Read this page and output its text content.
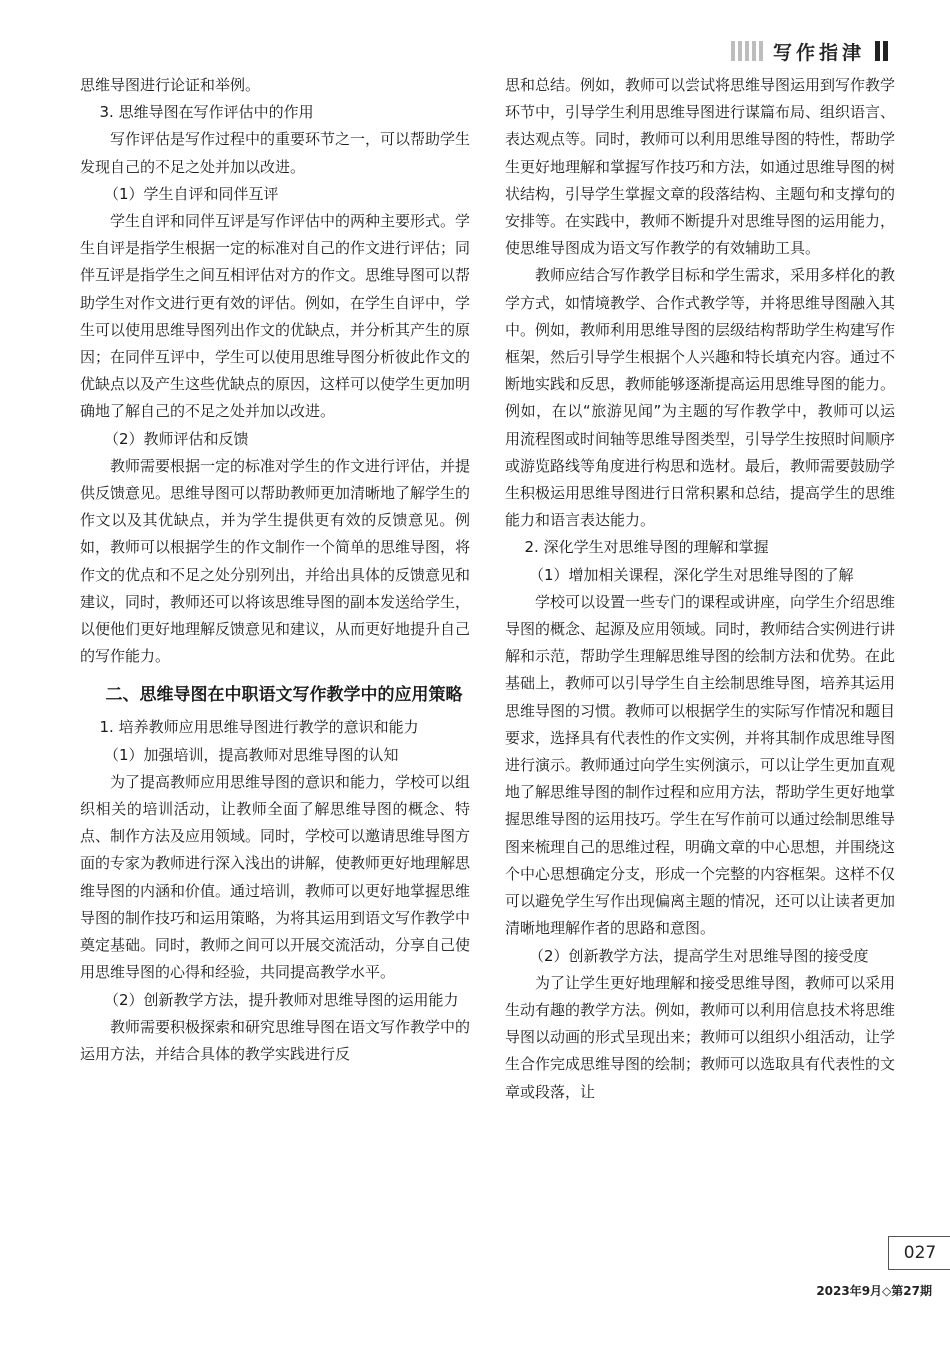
写作指津

思维导图进行论证和举例。

3. 思维导图在写作评估中的作用

写作评估是写作过程中的重要环节之一，可以帮助学生发现自己的不足之处并加以改进。

（1）学生自评和同伴互评

学生自评和同伴互评是写作评估中的两种主要形式。学生自评是指学生根据一定的标准对自己的作文进行评估；同伴互评是指学生之间互相评估对方的作文。思维导图可以帮助学生对作文进行更有效的评估。例如，在学生自评中，学生可以使用思维导图列出作文的优缺点，并分析其产生的原因；在同伴互评中，学生可以使用思维导图分析彼此作文的优缺点以及产生这些优缺点的原因，这样可以使学生更加明确地了解自己的不足之处并加以改进。

（2）教师评估和反馈

教师需要根据一定的标准对学生的作文进行评估，并提供反馈意见。思维导图可以帮助教师更加清晰地了解学生的作文以及其优缺点，并为学生提供更有效的反馈意见。例如，教师可以根据学生的作文制作一个简单的思维导图，将作文的优点和不足之处分别列出，并给出具体的反馈意见和建议，同时，教师还可以将该思维导图的副本发送给学生，以便他们更好地理解反馈意见和建议，从而更好地提升自己的写作能力。

二、思维导图在中职语文写作教学中的应用策略

1. 培养教师应用思维导图进行教学的意识和能力

（1）加强培训，提高教师对思维导图的认知

为了提高教师应用思维导图的意识和能力，学校可以组织相关的培训活动，让教师全面了解思维导图的概念、特点、制作方法及应用领域。同时，学校可以邀请思维导图方面的专家为教师进行深入浅出的讲解，使教师更好地理解思维导图的内涵和价值。通过培训，教师可以更好地掌握思维导图的制作技巧和运用策略，为将其运用到语文写作教学中奠定基础。同时，教师之间可以开展交流活动，分享自己使用思维导图的心得和经验，共同提高教学水平。

（2）创新教学方法，提升教师对思维导图的运用能力

教师需要积极探索和研究思维导图在语文写作教学中的运用方法，并结合具体的教学实践进行反

思和总结。例如，教师可以尝试将思维导图运用到写作教学环节中，引导学生利用思维导图进行谋篇布局、组织语言、表达观点等。同时，教师可以利用思维导图的特性，帮助学生更好地理解和掌握写作技巧和方法，如通过思维导图的树状结构，引导学生掌握文章的段落结构、主题句和支撑句的安排等。在实践中，教师不断提升对思维导图的运用能力，使思维导图成为语文写作教学的有效辅助工具。

教师应结合写作教学目标和学生需求，采用多样化的教学方式，如情境教学、合作式教学等，并将思维导图融入其中。例如，教师利用思维导图的层级结构帮助学生构建写作框架，然后引导学生根据个人兴趣和特长填充内容。通过不断地实践和反思，教师能够逐渐提高运用思维导图的能力。例如，在以“旅游见闻”为主题的写作教学中，教师可以运用流程图或时间轴等思维导图类型，引导学生按照时间顺序或游览路线等角度进行构思和选材。最后，教师需要鼓励学生积极运用思维导图进行日常积累和总结，提高学生的思维能力和语言表达能力。

2. 深化学生对思维导图的理解和掌握

（1）增加相关课程，深化学生对思维导图的了解

学校可以设置一些专门的课程或讲座，向学生介绍思维导图的概念、起源及应用领域。同时，教师结合实例进行讲解和示范，帮助学生理解思维导图的绘制方法和优势。在此基础上，教师可以引导学生自主绘制思维导图，培养其运用思维导图的习惯。教师可以根据学生的实际写作情况和题目要求，选择具有代表性的作文实例，并将其制作成思维导图进行演示。教师通过向学生实例演示，可以让学生更加直观地了解思维导图的制作过程和应用方法，帮助学生更好地掌握思维导图的运用技巧。学生在写作前可以通过绘制思维导图来梳理自己的思维过程，明确文章的中心思想，并围绕这个中心思想确定分支，形成一个完整的内容框架。这样不仅可以避免学生写作出现偏离主题的情况，还可以让读者更加清晰地理解作者的思路和意图。

（2）创新教学方法，提高学生对思维导图的接受度

为了让学生更好地理解和接受思维导图，教师可以采用生动有趣的教学方法。例如，教师可以利用信息技术将思维导图以动画的形式呈现出来；教师可以组织小组活动，让学生合作完成思维导图的绘制；教师可以选取具有代表性的文章或段落，让

027
2023年9月◇第27期
